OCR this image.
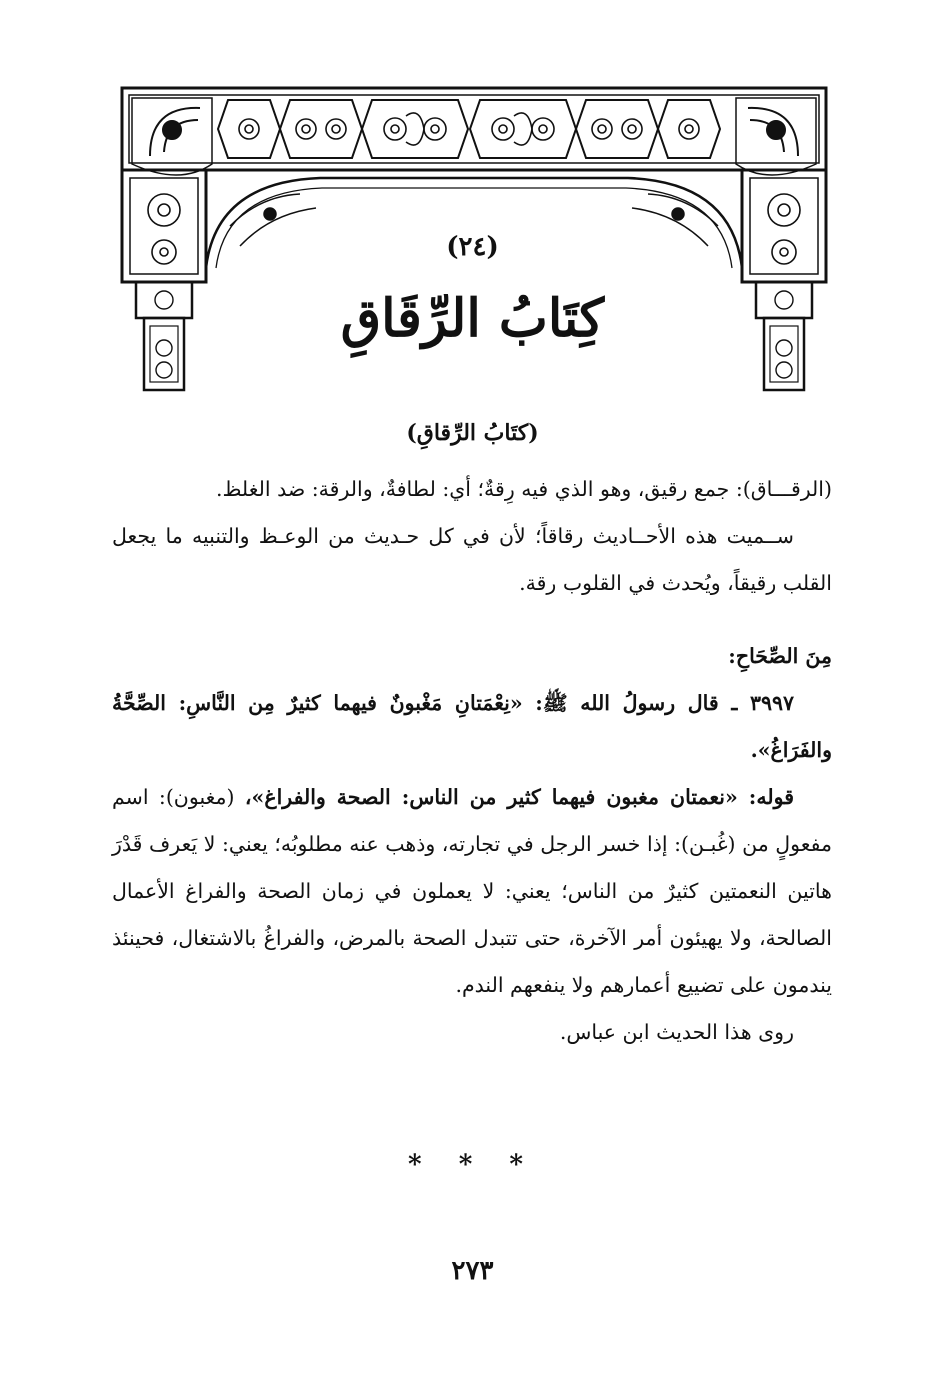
(٢٤)
كِتَابُ الرِّقَاقِ
(كتَابُ الرِّقاقِ)

(الرقـــاق): جمع رقيق، وهو الذي فيه رِقةٌ؛ أي: لطافةٌ، والرقة: ضد الغلظ.

ســميت هذه الأحــاديث رقاقاً؛ لأن في كل حـديث من الوعـظ والتنبيه ما يجعل القلب رقيقاً، ويُحدث في القلوب رقة.

مِنَ الصِّحَاحِ:

٣٩٩٧ ـ قال رسولُ الله ﷺ: «نِعْمَتانِ مَغْبونٌ فيهما كثيرٌ مِن النَّاسِ: الصِّحَّةُ والفَرَاغُ».

قوله: «نعمتان مغبون فيهما كثير من الناس: الصحة والفراغ»، (مغبون): اسم مفعولٍ من (غُبـن): إذا خسر الرجل في تجارته، وذهب عنه مطلوبُه؛ يعني: لا يَعرف قَدْرَ هاتين النعمتين كثيرٌ من الناس؛ يعني: لا يعملون في زمان الصحة والفراغ الأعمال الصالحة، ولا يهيئون أمر الآخرة، حتى تتبدل الصحة بالمرض، والفراغُ بالاشتغال، فحينئذ يندمون على تضييع أعمارهم ولا ينفعهم الندم.

روى هذا الحديث ابن عباس.

* * *
٢٧٣
